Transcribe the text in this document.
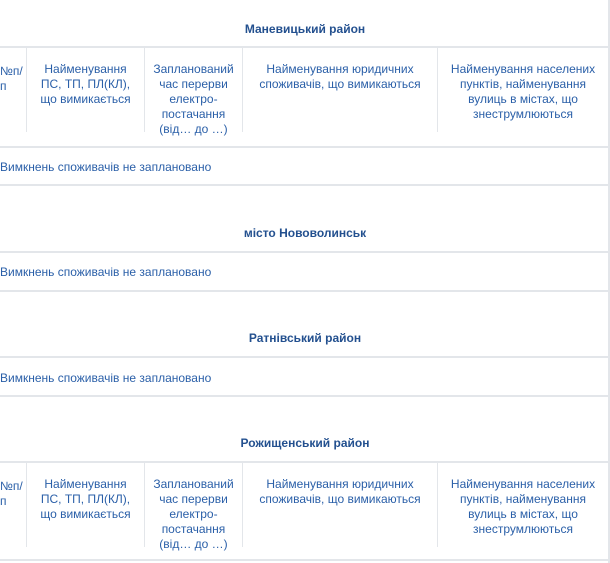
Маневицький район
№п/
п
Найменування ПС, ТП, ПЛ(КЛ), що вимикається
Запланований
час перерви
електро-
постачання
(від… до …)
Найменування юридичних споживачів, що вимикаються
Найменування населених пунктів, найменування вулиць в містах, що знеструмлюються
Вимкнень споживачів не заплановано
місто Нововолинськ
Вимкнень споживачів не заплановано
Ратнівський район
Вимкнень споживачів не заплановано
Рожищенський район
№п/
п
Найменування ПС, ТП, ПЛ(КЛ), що вимикається
Запланований
час перерви
електро-
постачання
(від… до …)
Найменування юридичних споживачів, що вимикаються
Найменування населених пунктів, найменування вулиць в містах, що знеструмлюються
